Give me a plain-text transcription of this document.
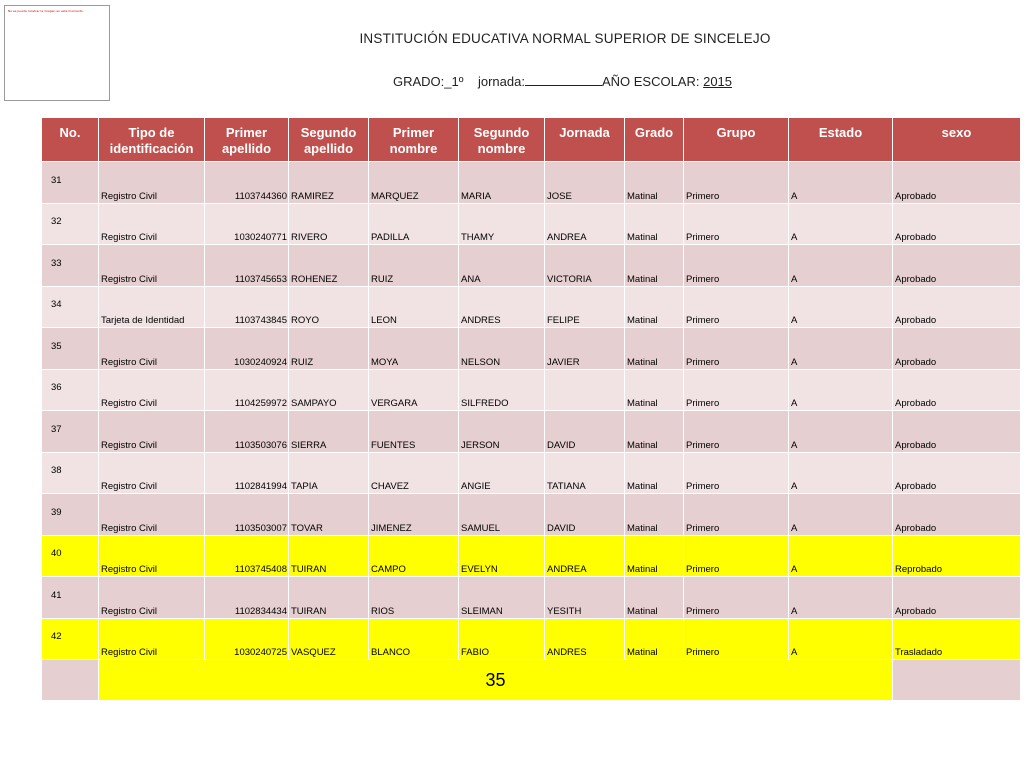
No se puede mostrar la imagen en este momento.
INSTITUCIÓN EDUCATIVA NORMAL SUPERIOR DE SINCELEJO
GRADO:_1º jornada:	AÑO ESCOLAR: 2015
No.	Tipo de identificación	Primer apellido	Segundo apellido	Primer nombre	Segundo nombre	Jornada	Grado	Grupo	Estado	sexo
31	Registro Civil	1103744360	RAMIREZ	MARQUEZ	MARIA	JOSE	Matinal	Primero	A	Aprobado
32	Registro Civil	1030240771	RIVERO	PADILLA	THAMY	ANDREA	Matinal	Primero	A	Aprobado
33	Registro Civil	1103745653	ROHENEZ	RUIZ	ANA	VICTORIA	Matinal	Primero	A	Aprobado
34	Tarjeta de Identidad	1103743845	ROYO	LEON	ANDRES	FELIPE	Matinal	Primero	A	Aprobado
35	Registro Civil	1030240924	RUIZ	MOYA	NELSON	JAVIER	Matinal	Primero	A	Aprobado
36	Registro Civil	1104259972	SAMPAYO	VERGARA	SILFREDO		Matinal	Primero	A	Aprobado
37	Registro Civil	1103503076	SIERRA	FUENTES	JERSON	DAVID	Matinal	Primero	A	Aprobado
38	Registro Civil	1102841994	TAPIA	CHAVEZ	ANGIE	TATIANA	Matinal	Primero	A	Aprobado
39	Registro Civil	1103503007	TOVAR	JIMENEZ	SAMUEL	DAVID	Matinal	Primero	A	Aprobado
40	Registro Civil	1103745408	TUIRAN	CAMPO	EVELYN	ANDREA	Matinal	Primero	A	Reprobado
41	Registro Civil	1102834434	TUIRAN	RIOS	SLEIMAN	YESITH	Matinal	Primero	A	Aprobado
42	Registro Civil	1030240725	VASQUEZ	BLANCO	FABIO	ANDRES	Matinal	Primero	A	Trasladado
	35									
